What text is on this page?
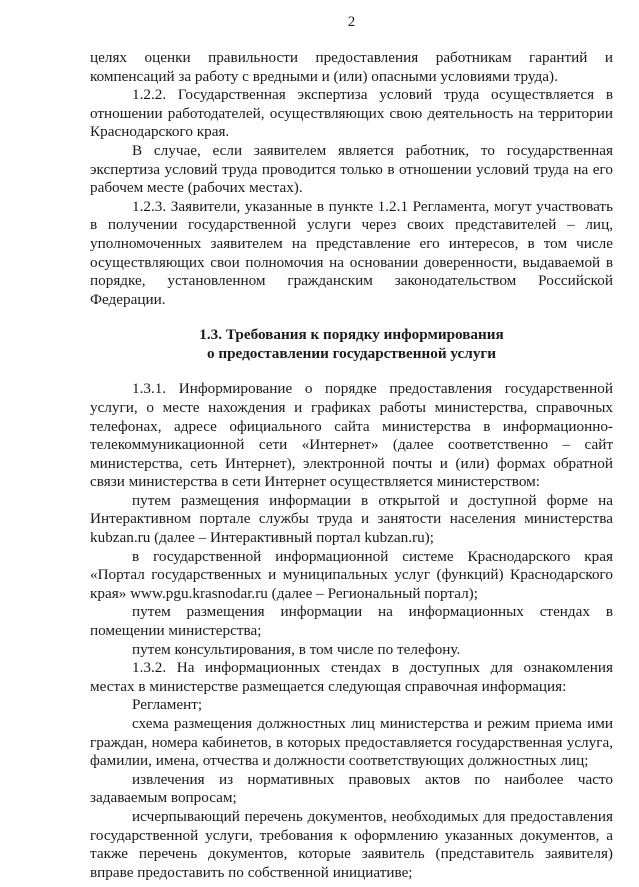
2

целях оценки правильности предоставления работникам гарантий и компенсаций за работу с вредными и (или) опасными условиями труда).

1.2.2. Государственная экспертиза условий труда осуществляется в отношении работодателей, осуществляющих свою деятельность на территории Краснодарского края.

В случае, если заявителем является работник, то государственная экспертиза условий труда проводится только в отношении условий труда на его рабочем месте (рабочих местах).

1.2.3. Заявители, указанные в пункте 1.2.1 Регламента, могут участвовать в получении государственной услуги через своих представителей – лиц, уполномоченных заявителем на представление его интересов, в том числе осуществляющих свои полномочия на основании доверенности, выдаваемой в порядке, установленном гражданским законодательством Российской Федерации.

1.3. Требования к порядку информирования
о предоставлении государственной услуги

1.3.1. Информирование о порядке предоставления государственной услуги, о месте нахождения и графиках работы министерства, справочных телефонах, адресе официального сайта министерства в информационно-телекоммуникационной сети «Интернет» (далее соответственно – сайт министерства, сеть Интернет), электронной почты и (или) формах обратной связи министерства в сети Интернет осуществляется министерством:

путем размещения информации в открытой и доступной форме на Интерактивном портале службы труда и занятости населения министерства kubzan.ru (далее – Интерактивный портал kubzan.ru);

в государственной информационной системе Краснодарского края «Портал государственных и муниципальных услуг (функций) Краснодарского края» www.pgu.krasnodar.ru (далее – Региональный портал);

путем размещения информации на информационных стендах в помещении министерства;

путем консультирования, в том числе по телефону.

1.3.2. На информационных стендах в доступных для ознакомления местах в министерстве размещается следующая справочная информация:

Регламент;

схема размещения должностных лиц министерства и режим приема ими граждан, номера кабинетов, в которых предоставляется государственная услуга, фамилии, имена, отчества и должности соответствующих должностных лиц;

извлечения из нормативных правовых актов по наиболее часто задаваемым вопросам;

исчерпывающий перечень документов, необходимых для предоставления государственной услуги, требования к оформлению указанных документов, а также перечень документов, которые заявитель (представитель заявителя) вправе предоставить по собственной инициативе;
